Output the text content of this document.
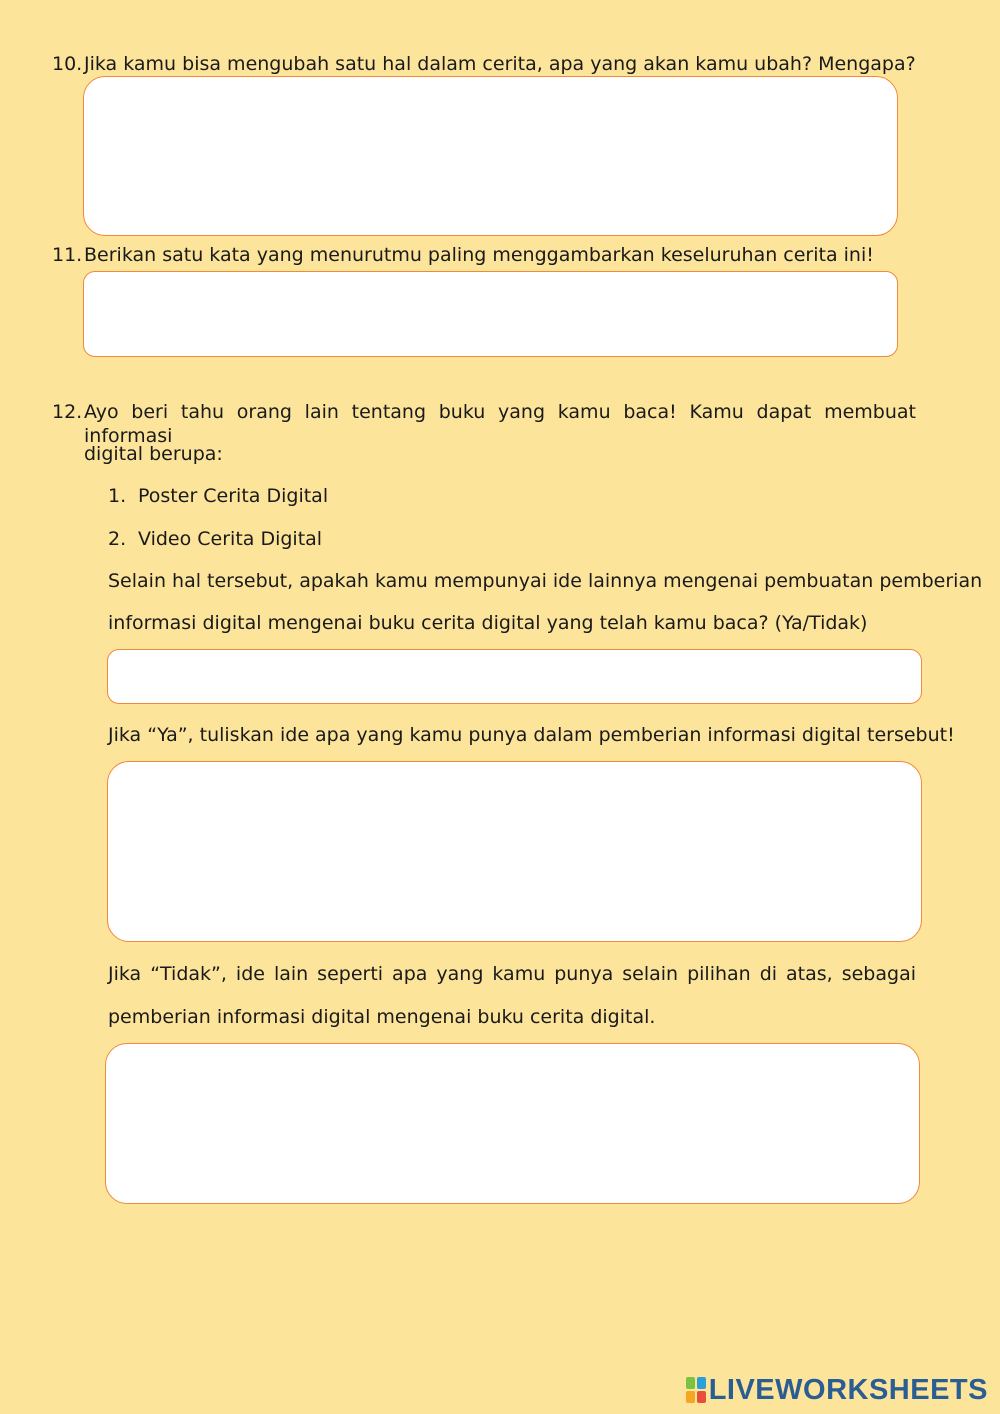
10. Jika kamu bisa mengubah satu hal dalam cerita, apa yang akan kamu ubah? Mengapa?
11. Berikan satu kata yang menurutmu paling menggambarkan keseluruhan cerita ini!
12. Ayo beri tahu orang lain tentang buku yang kamu baca! Kamu dapat membuat informasi
digital berupa:
1. Poster Cerita Digital
2. Video Cerita Digital
Selain hal tersebut, apakah kamu mempunyai ide lainnya mengenai pembuatan pemberian
informasi digital mengenai buku cerita digital yang telah kamu baca? (Ya/Tidak)
Jika “Ya”, tuliskan ide apa yang kamu punya dalam pemberian informasi digital tersebut!
Jika “Tidak”, ide lain seperti apa yang kamu punya selain pilihan di atas, sebagai
pemberian informasi digital mengenai buku cerita digital.
LIVEWORKSHEETS
